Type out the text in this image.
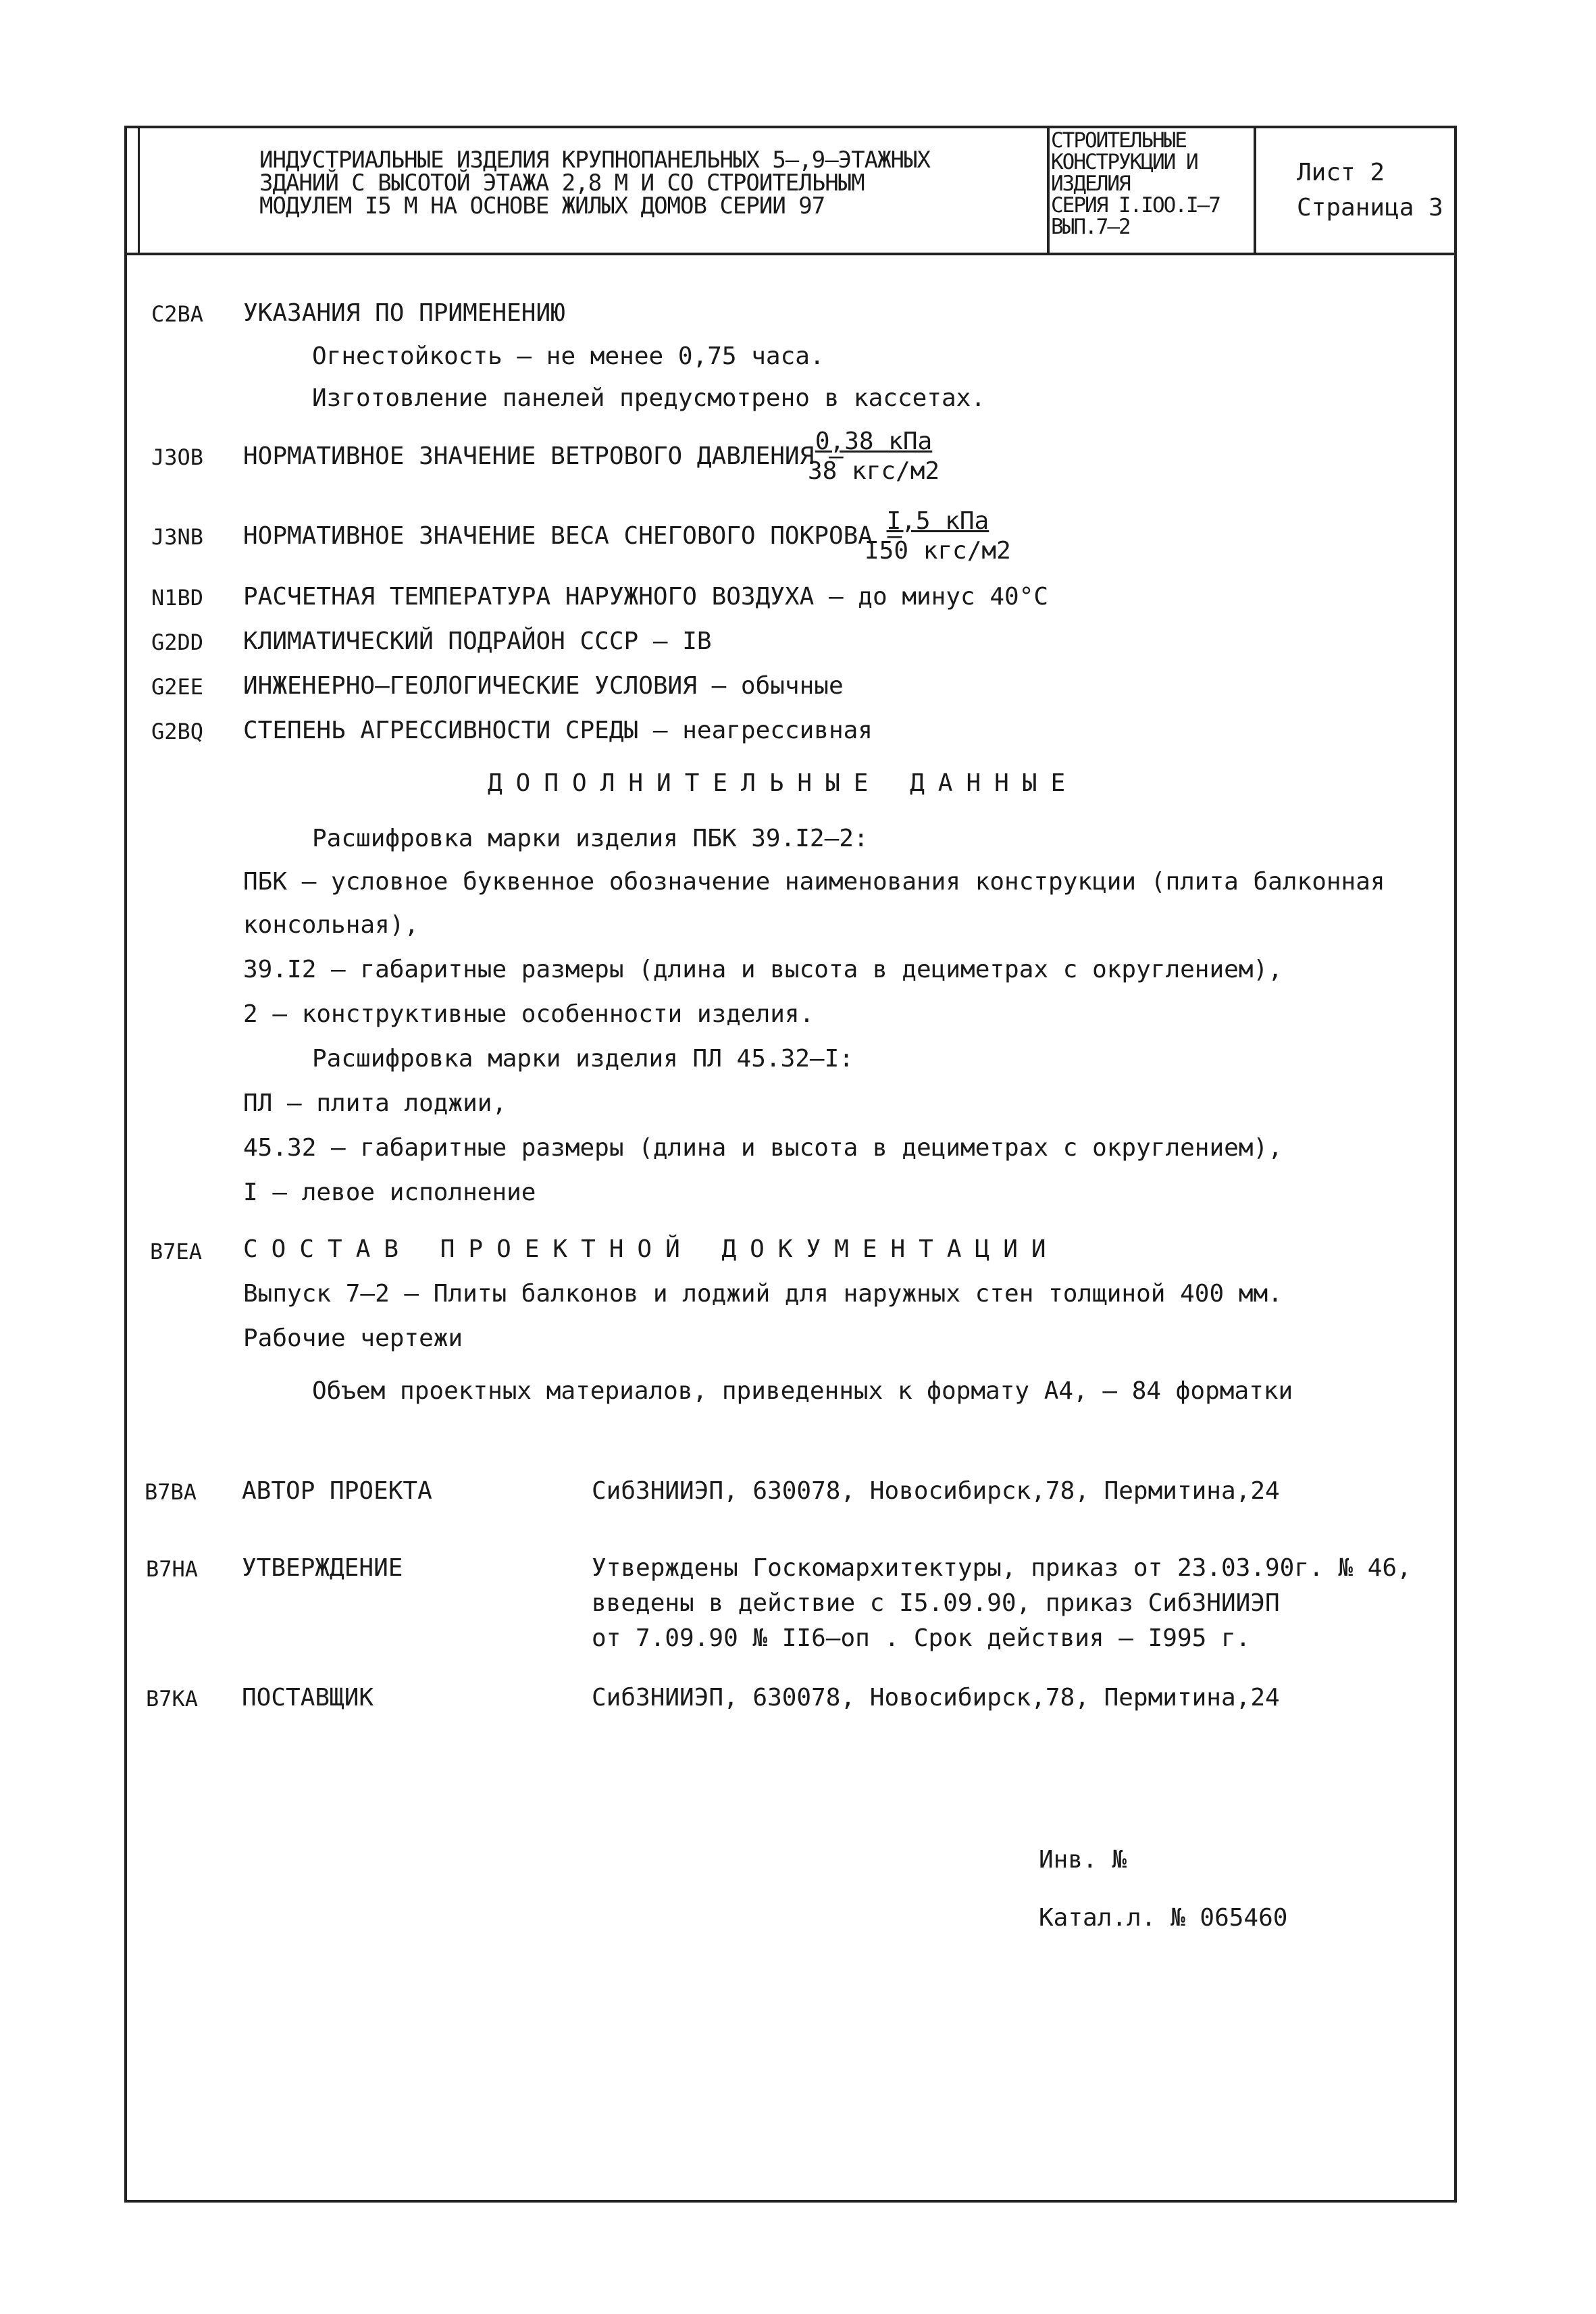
ИНДУСТРИАЛЬНЫЕ ИЗДЕЛИЯ КРУПНОПАНЕЛЬНЫХ 5–,9–ЭТАЖНЫХ
ЗДАНИЙ С ВЫСОТОЙ ЭТАЖА 2,8 М И СО СТРОИТЕЛЬНЫМ
МОДУЛЕМ I5 М НА ОСНОВЕ ЖИЛЫХ ДОМОВ СЕРИИ 97
СТРОИТЕЛЬНЫЕ
КОНСТРУКЦИИ И
ИЗДЕЛИЯ
СЕРИЯ I.IOO.I–7
ВЫП.7–2
Лист 2
Страница 3
C2BA УКАЗАНИЯ ПО ПРИМЕНЕНИЮ
Огнестойкость – не менее 0,75 часа.
Изготовление панелей предусмотрено в кассетах.
J3OB НОРМАТИВНОЕ ЗНАЧЕНИЕ ВЕТРОВОГО ДАВЛЕНИЯ –
0,38 кПа
38 кгс/м2
J3NB НОРМАТИВНОЕ ЗНАЧЕНИЕ ВЕСА СНЕГОВОГО ПОКРОВА –
I,5 кПа
I50 кгс/м2
N1BD РАСЧЕТНАЯ ТЕМПЕРАТУРА НАРУЖНОГО ВОЗДУХА – до минус 40°С
G2DD КЛИМАТИЧЕСКИЙ ПОДРАЙОН СССР – IВ
G2EE ИНЖЕНЕРНО–ГЕОЛОГИЧЕСКИЕ УСЛОВИЯ – обычные
G2BQ СТЕПЕНЬ АГРЕССИВНОСТИ СРЕДЫ – неагрессивная
ДОПОЛНИТЕЛЬНЫЕ ДАННЫЕ
Расшифровка марки изделия ПБК 39.I2–2:
ПБК – условное буквенное обозначение наименования конструкции (плита балконная
консольная),
39.I2 – габаритные размеры (длина и высота в дециметрах с округлением),
2 – конструктивные особенности изделия.
Расшифровка марки изделия ПЛ 45.32–I:
ПЛ – плита лоджии,
45.32 – габаритные размеры (длина и высота в дециметрах с округлением),
I – левое исполнение
B7EA СОСТАВ ПРОЕКТНОЙ ДОКУМЕНТАЦИИ
Выпуск 7–2 – Плиты балконов и лоджий для наружных стен толщиной 400 мм.
Рабочие чертежи
Объем проектных материалов, приведенных к формату А4, – 84 форматки
B7BA АВТОР ПРОЕКТА	СибЗНИИЭП, 630078, Новосибирск,78, Пермитина,24
B7HA УТВЕРЖДЕНИЕ	Утверждены Госкомархитектуры, приказ от 23.03.90г. № 46,
введены в действие с I5.09.90, приказ СибЗНИИЭП
от 7.09.90 № II6–оп . Срок действия – I995 г.
B7KA ПОСТАВЩИК	СибЗНИИЭП, 630078, Новосибирск,78, Пермитина,24
Инв. №
Катал.л. № 065460
